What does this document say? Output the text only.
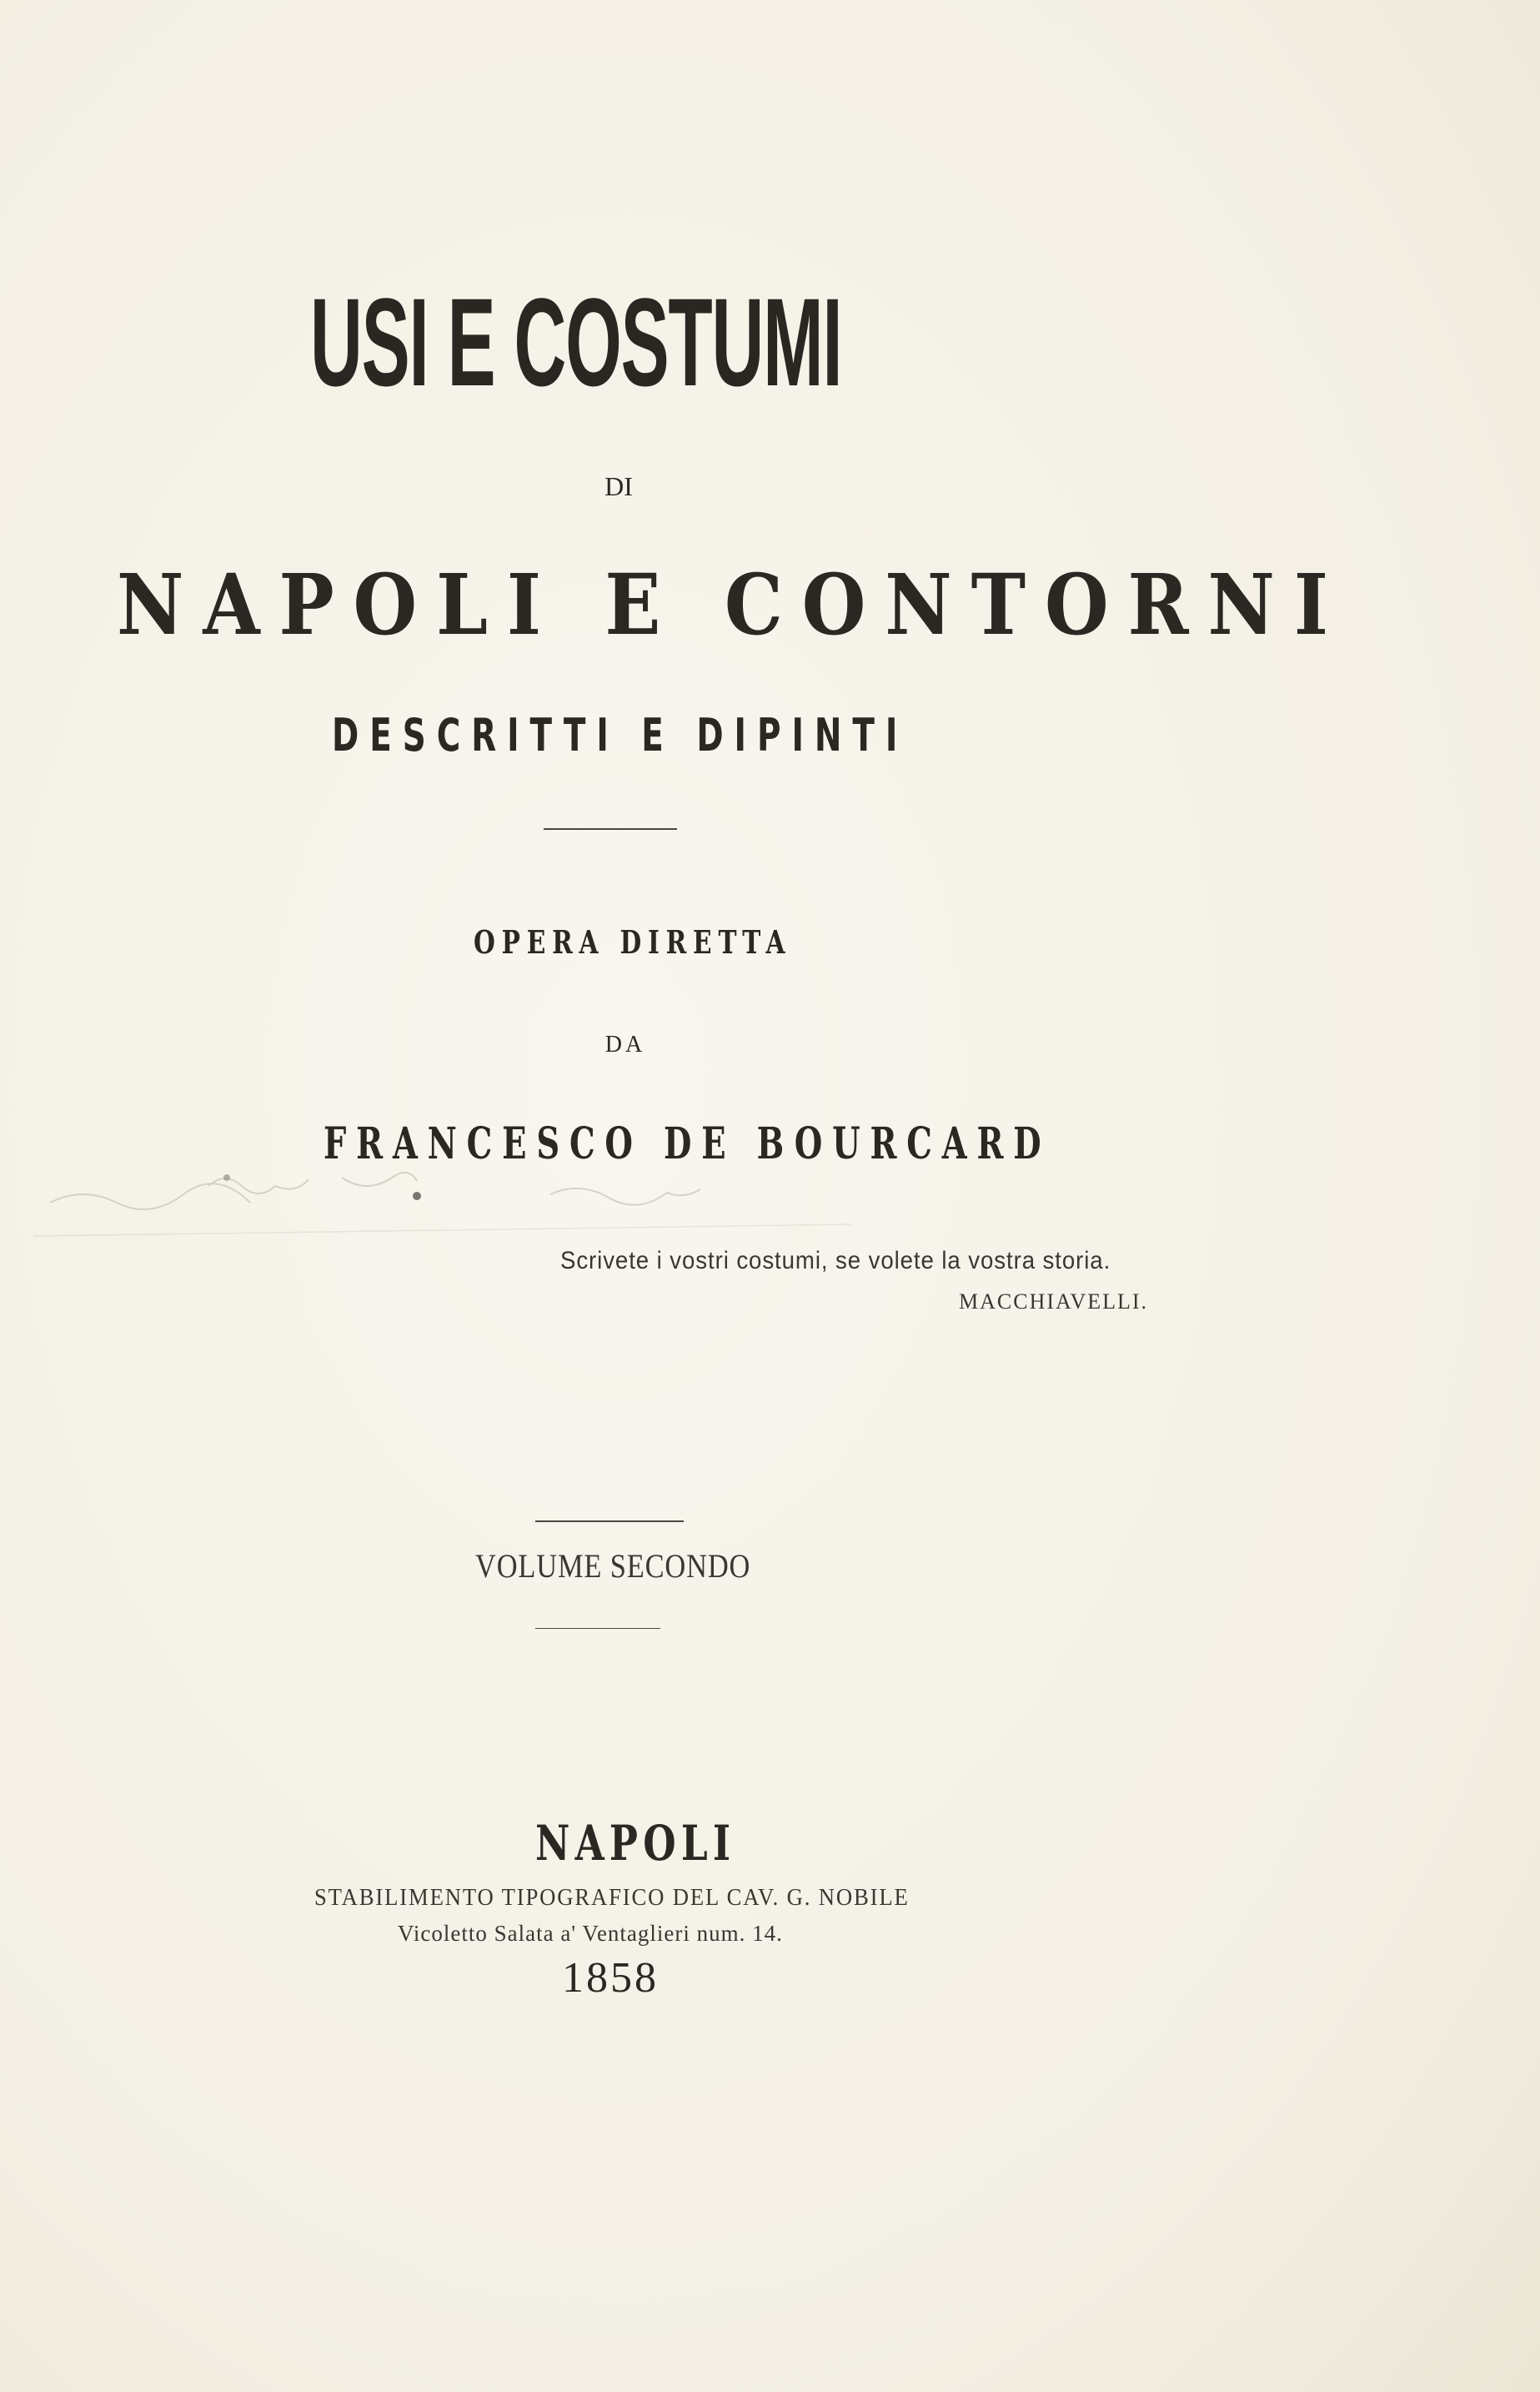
USI E COSTUMI

DI

NAPOLI E CONTORNI

DESCRITTI E DIPINTI

OPERA DIRETTA

DA

FRANCESCO DE BOURCARD

Scrivete i vostri costumi, se volete la vostra storia.

MACCHIAVELLI.

VOLUME SECONDO

NAPOLI

STABILIMENTO TIPOGRAFICO DEL CAV. G. NOBILE

Vicoletto Salata a' Ventaglieri num. 14.

1858
